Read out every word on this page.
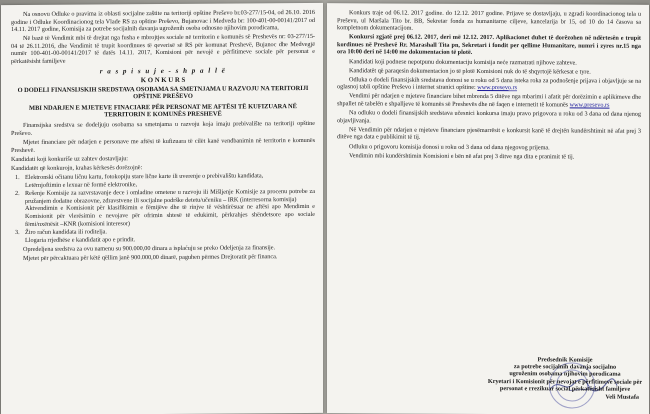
Na osnovu Odluke o pravima iz oblasti socijalne zaštite na teritoriji opštine Preševo br.03-277/15-04, od 26.10. 2016 godine i Odluke Koordinacionog tela Vlade RS za opštine Preševo, Bujanovac i Medveđa br: 100-401-00-00141/2017 od 14.11. 2017 godine, Komisija za potrebe socijalnih davanja ugroženih osoba odnosno njihovim porodicama,

Në bazë të Vendimit mbi të drejtat nga fusha e mbrojtjes sociale në territorin e komunës së Preshevës nr: 03-277/15-04 të 26.11.2016, dhe Vendimit të trupit koordinues të qeverisë së RS për komunat Preshevë, Bujanoc dhe Medvegjë numër 100-401-00-00141/2017 të datës 14.11. 2017, Komisioni për nevojë e përfitimeve sociale për personat e përkatësisht familjeve

r a s p i s u j e - s h p a l l ë
K O N K U R S
O DODELI FINANSIJSKIH SREDSTAVA OSOBAMA SA SMETNJAMA U RAZVOJU NA TERITORIJI OPŠTINE PREŠEVO
MBI NDARJEN E MJETEVE FINACIARE PËR PERSONAT ME AFTËSI TË KUFIZUARA NË TERRITORIN E KOMUNËS PRESHEVË

Finansijska sredstva se dodeljuju osobama sa smetnjama u razvoju koja imaju prebivalište na teritoriji opštine Preševo.

Mjetet financiare për ndarjen e personave me aftësi të kufizuara të cilët kanë vendbanimin në territorin e komunës Preshevë.

Kandidati koji konkuriše uz zahtev dostavljaju:

Kandidatët që konkurojn, krahas kërkesës dorëzojnë:

1. Elektronski očitanu ličnu kartu, fotokopiju stare lične karte ili uverenje o prebivalištu kandidata,
Letërnjoftimin e lexuar në formë elektronike,
2. Rešenje Komisije za razvrstavanje dece i omladine ometene u razvoju ili Mišljenje Komisije za procenu potrebe za pružanjem dodatne obrazovne, zdravstvene ili socijalne podrške detetu/učeniku – IRK (interresorna komisija)
Aktvendimin e Komisionit për klasifikimin e fëmijëve dhe të rinjve të vështirësuar ne aftësi apo Mendimin e Komisionit për vlerësimin e nevojave për ofrimin shtesë të edukimit, përkrahjes shëndetsore apo sociale fëmi/nxënësit –KNR (komisioni interesor)
3. Žiro račun kandidata ili roditelja.
Llogaria rrjedhëse e kandidatit apo e prindit.

Opredeljena sredstva za ovu namenu su 900.000,00 dinara a isplaćuju se preko Odeljenja za finansije.

Mjetet për përcaktuara për këtë qëllim janë 900.000,00 dinarë, paguhen përmes Drejtoratit për financa.

Konkurs traje od 06.12. 2017 godine. do 12.12. 2017 godine. Prijave se dostavljaju, u zgradi koordinacionog tela u Preševu, ul Maršala Tito br. BB, Sekretar fonda za humanitarne ciljeve, kancelarija br 15, od 10 do 14 časova sa kompletnom dokumentacijom.

Konkursi zgjatë prej 06.12. 2017, deri më 12.12. 2017. Aplikacionet duhet të dorëzohen në ndërtesën e trupit kordinues në Preshevë Rr. Marashall Tita pn, Sekretari i fondit per qellime Humanitare, numri i zyres nr.15 nga ora 10:00 deri në 14:00 me dokumentacion të plotë.

Kandidati koji podnese nepotpunu dokumentaciju komisija neće razmatrati njihove zahteve.

Kandidatët që paraqesin dokumentacion jo të plotë Komisioni nuk do të shqyrtojë kërkesat e tyre.

Odluka o dodeli finansijskih sredstava donosi se u roku od 5 dana isteka roka za podnošenje prijava i objavljuje se na oglasnoj tabli opštine Preševo i internet stranici opštine: www.presevo.rs

Vendimi për ndarjen e mjeteve financiare bihet mbrenda 5 ditëve nga mbarimi i afatit për dorëzimin e aplikimeve dhe shpallet në tabelën e shpalljeve të komunës së Preshevës dhe në faqen e internetit të komunës www.presevo.rs

Na odluku o dodeli finansijskih sredstava učesnici konkursa imaju pravo prigovora u roku od 3 dana od dana njenog objavljivanja.

Në Vendimin për ndarjen e mjeteve financiare pjesëmarrësit e konkursit kanë të drejtën kundërshtimit në afat prej 3 ditëve nga data e publikimit të tij.

Odluku o prigovoru komisija donosi u roku od 3 dana od dana njegovog prijema.

Vendimin mbi kundërshtimin Komisioni e bën në afat prej 3 ditve nga dita e pranimit të tij.

Predsednik Komisije
za potrebe socijalnih davanja socijalno
ugroženim osobama njihovim porodicama
Kryetari i Komisionit për nevojat e përfitimeve sociale për
personat e rrezikuar social përkatësisht familjeve
Veli Mustafa
